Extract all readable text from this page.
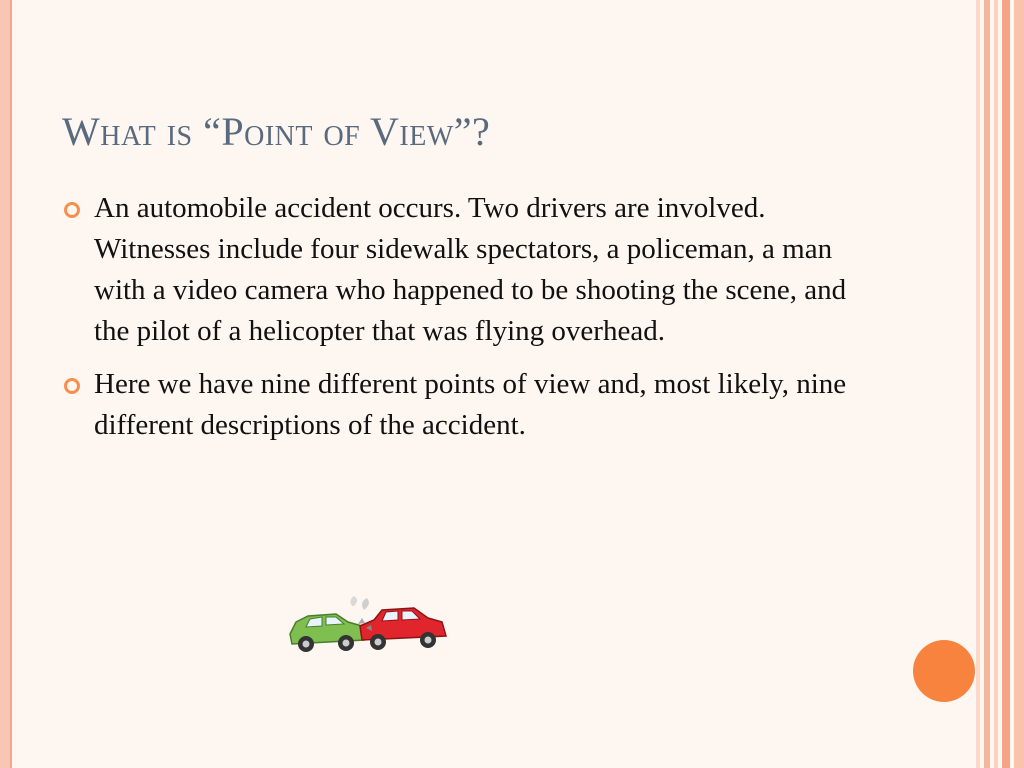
What is “Point of View”?
An automobile accident occurs. Two drivers are involved. Witnesses include four sidewalk spectators, a policeman, a man with a video camera who happened to be shooting the scene, and the pilot of a helicopter that was flying overhead.
Here we have nine different points of view and, most likely, nine different descriptions of the accident.
